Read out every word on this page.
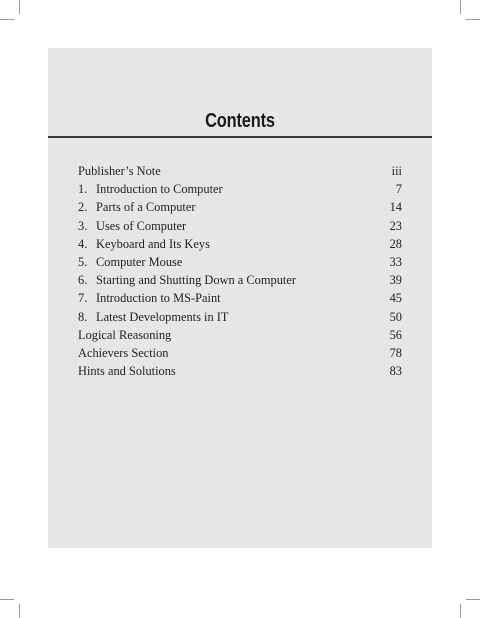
Contents
Publisher’s Note	iii
1. Introduction to Computer	7
2. Parts of a Computer	14
3. Uses of Computer	23
4. Keyboard and Its Keys	28
5. Computer Mouse	33
6. Starting and Shutting Down a Computer	39
7. Introduction to MS-Paint	45
8. Latest Developments in IT	50
Logical Reasoning	56
Achievers Section	78
Hints and Solutions	83
